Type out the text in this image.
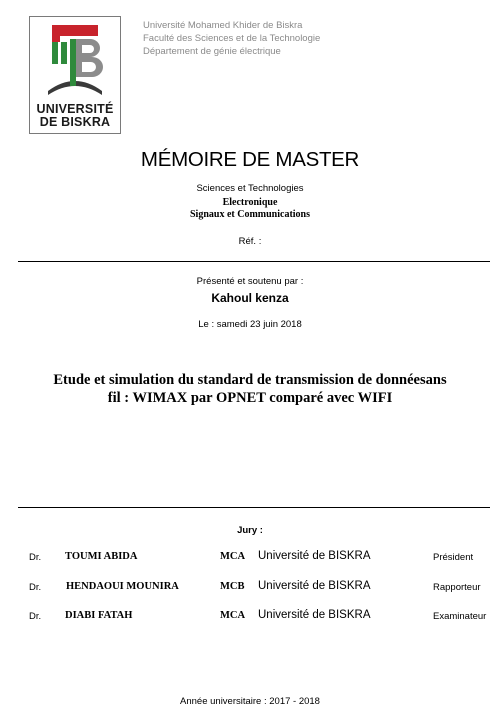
UNIVERSITÉ
DE BISKRA
Université Mohamed Khider de Biskra
Faculté des Sciences et de la Technologie
Département de génie électrique
MÉMOIRE DE MASTER
Sciences et Technologies
Electronique
Signaux et Communications
Réf. :
Présenté et soutenu par :
Kahoul kenza
Le : samedi 23 juin 2018
Etude et simulation du standard de transmission de donnéesans
fil : WIMAX par OPNET comparé avec WIFI
Jury :
Dr. TOUMI ABIDA	MCA Université de BISKRA	Président
Dr. HENDAOUI MOUNIRA	MCB Université de BISKRA	Rapporteur
Dr. DIABI FATAH	MCA Université de BISKRA	Examinateur
Année universitaire : 2017 - 2018
